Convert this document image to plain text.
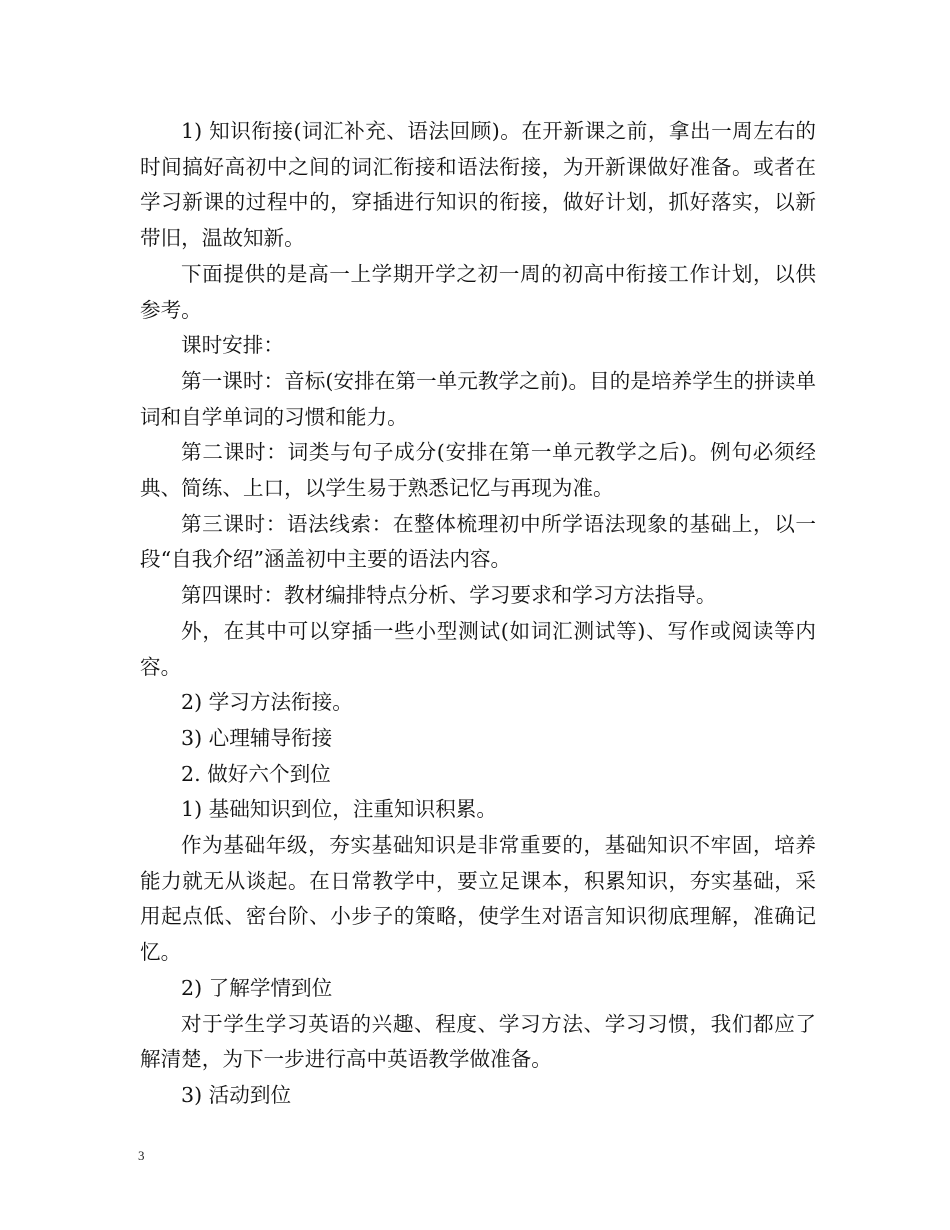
1) 知识衔接(词汇补充、语法回顾)。在开新课之前，拿出一周左右的时间搞好高初中之间的词汇衔接和语法衔接，为开新课做好准备。或者在学习新课的过程中的，穿插进行知识的衔接，做好计划，抓好落实，以新带旧，温故知新。

下面提供的是高一上学期开学之初一周的初高中衔接工作计划，以供参考。

课时安排：

第一课时：音标(安排在第一单元教学之前)。目的是培养学生的拼读单词和自学单词的习惯和能力。

第二课时：词类与句子成分(安排在第一单元教学之后)。例句必须经典、简练、上口，以学生易于熟悉记忆与再现为准。

第三课时：语法线索：在整体梳理初中所学语法现象的基础上，以一段“自我介绍”涵盖初中主要的语法内容。

第四课时：教材编排特点分析、学习要求和学习方法指导。

外，在其中可以穿插一些小型测试(如词汇测试等)、写作或阅读等内容。

2) 学习方法衔接。

3) 心理辅导衔接

2. 做好六个到位

1) 基础知识到位，注重知识积累。

作为基础年级，夯实基础知识是非常重要的，基础知识不牢固，培养能力就无从谈起。在日常教学中，要立足课本，积累知识，夯实基础，采用起点低、密台阶、小步子的策略，使学生对语言知识彻底理解，准确记忆。

2) 了解学情到位

对于学生学习英语的兴趣、程度、学习方法、学习习惯，我们都应了解清楚，为下一步进行高中英语教学做准备。

3) 活动到位

3
